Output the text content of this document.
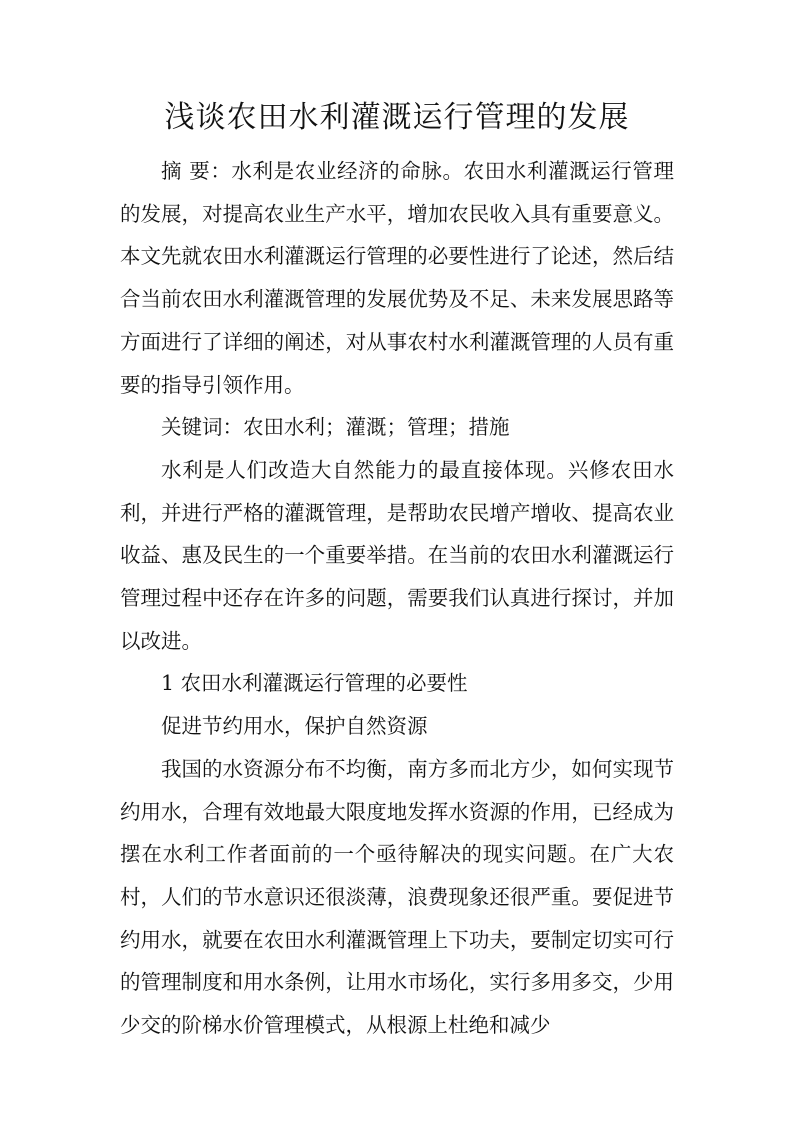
浅谈农田水利灌溉运行管理的发展

摘 要：水利是农业经济的命脉。农田水利灌溉运行管理的发展，对提高农业生产水平，增加农民收入具有重要意义。本文先就农田水利灌溉运行管理的必要性进行了论述，然后结合当前农田水利灌溉管理的发展优势及不足、未来发展思路等方面进行了详细的阐述，对从事农村水利灌溉管理的人员有重要的指导引领作用。

关键词：农田水利；灌溉；管理；措施

水利是人们改造大自然能力的最直接体现。兴修农田水利，并进行严格的灌溉管理，是帮助农民增产增收、提高农业收益、惠及民生的一个重要举措。在当前的农田水利灌溉运行管理过程中还存在许多的问题，需要我们认真进行探讨，并加以改进。

1 农田水利灌溉运行管理的必要性

促进节约用水，保护自然资源

我国的水资源分布不均衡，南方多而北方少，如何实现节约用水，合理有效地最大限度地发挥水资源的作用，已经成为摆在水利工作者面前的一个亟待解决的现实问题。在广大农村，人们的节水意识还很淡薄，浪费现象还很严重。要促进节约用水，就要在农田水利灌溉管理上下功夫，要制定切实可行的管理制度和用水条例，让用水市场化，实行多用多交，少用少交的阶梯水价管理模式，从根源上杜绝和减少
